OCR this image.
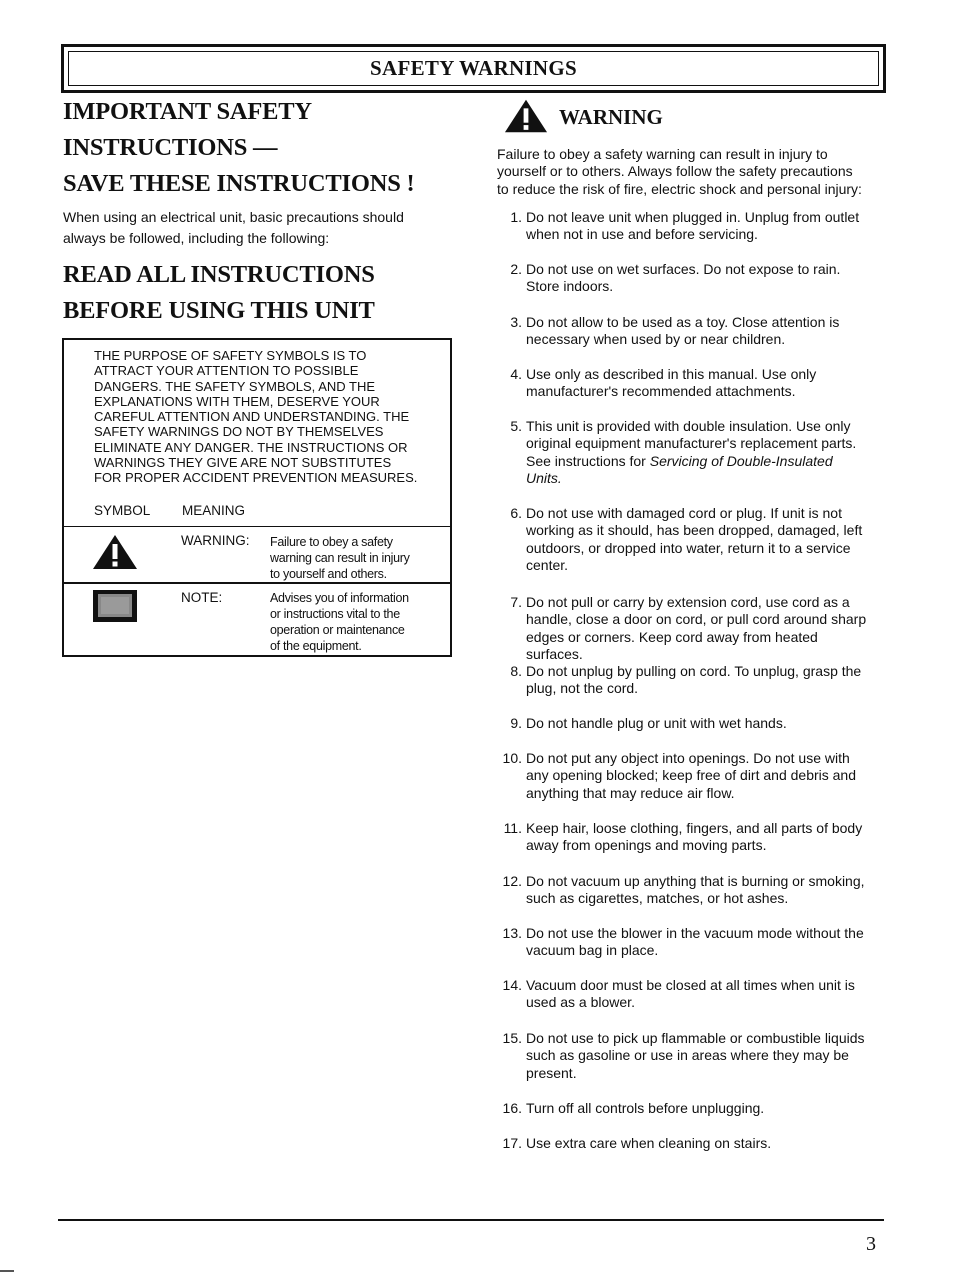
SAFETY WARNINGS
IMPORTANT SAFETY
INSTRUCTIONS —
SAVE THESE INSTRUCTIONS !
When using an electrical unit, basic precautions should
always be followed, including the following:
READ ALL INSTRUCTIONS
BEFORE USING THIS UNIT
THE PURPOSE OF SAFETY SYMBOLS IS TO
ATTRACT YOUR ATTENTION TO POSSIBLE
DANGERS. THE SAFETY SYMBOLS, AND THE
EXPLANATIONS WITH THEM, DESERVE YOUR
CAREFUL ATTENTION AND UNDERSTANDING. THE
SAFETY WARNINGS DO NOT BY THEMSELVES
ELIMINATE ANY DANGER. THE INSTRUCTIONS OR
WARNINGS THEY GIVE ARE NOT SUBSTITUTES
FOR PROPER ACCIDENT PREVENTION MEASURES.
SYMBOL MEANING
WARNING: Failure to obey a safety
warning can result in injury
to yourself and others.
NOTE:	Advises you of information
or instructions vital to the
operation or maintenance
of the equipment.
WARNING
Failure to obey a safety warning can result in injury to
yourself or to others. Always follow the safety precautions
to reduce the risk of fire, electric shock and personal injury:
1. Do not leave unit when plugged in. Unplug from outlet
when not in use and before servicing.
2. Do not use on wet surfaces. Do not expose to rain.
Store indoors.
3. Do not allow to be used as a toy. Close attention is
necessary when used by or near children.
4. Use only as described in this manual. Use only
manufacturer's recommended attachments.
5. This unit is provided with double insulation. Use only
original equipment manufacturer's replacement parts.
See instructions for Servicing of Double-Insulated
Units.
6. Do not use with damaged cord or plug. If unit is not
working as it should, has been dropped, damaged, left
outdoors, or dropped into water, return it to a service
center.
7. Do not pull or carry by extension cord, use cord as a
handle, close a door on cord, or pull cord around sharp
edges or corners. Keep cord away from heated
surfaces.
8. Do not unplug by pulling on cord. To unplug, grasp the
plug, not the cord.
9. Do not handle plug or unit with wet hands.
10. Do not put any object into openings. Do not use with
any opening blocked; keep free of dirt and debris and
anything that may reduce air flow.
11. Keep hair, loose clothing, fingers, and all parts of body
away from openings and moving parts.
12. Do not vacuum up anything that is burning or smoking,
such as cigarettes, matches, or hot ashes.
13. Do not use the blower in the vacuum mode without the
vacuum bag in place.
14. Vacuum door must be closed at all times when unit is
used as a blower.
15. Do not use to pick up flammable or combustible liquids
such as gasoline or use in areas where they may be
present.
16. Turn off all controls before unplugging.
17. Use extra care when cleaning on stairs.
3
